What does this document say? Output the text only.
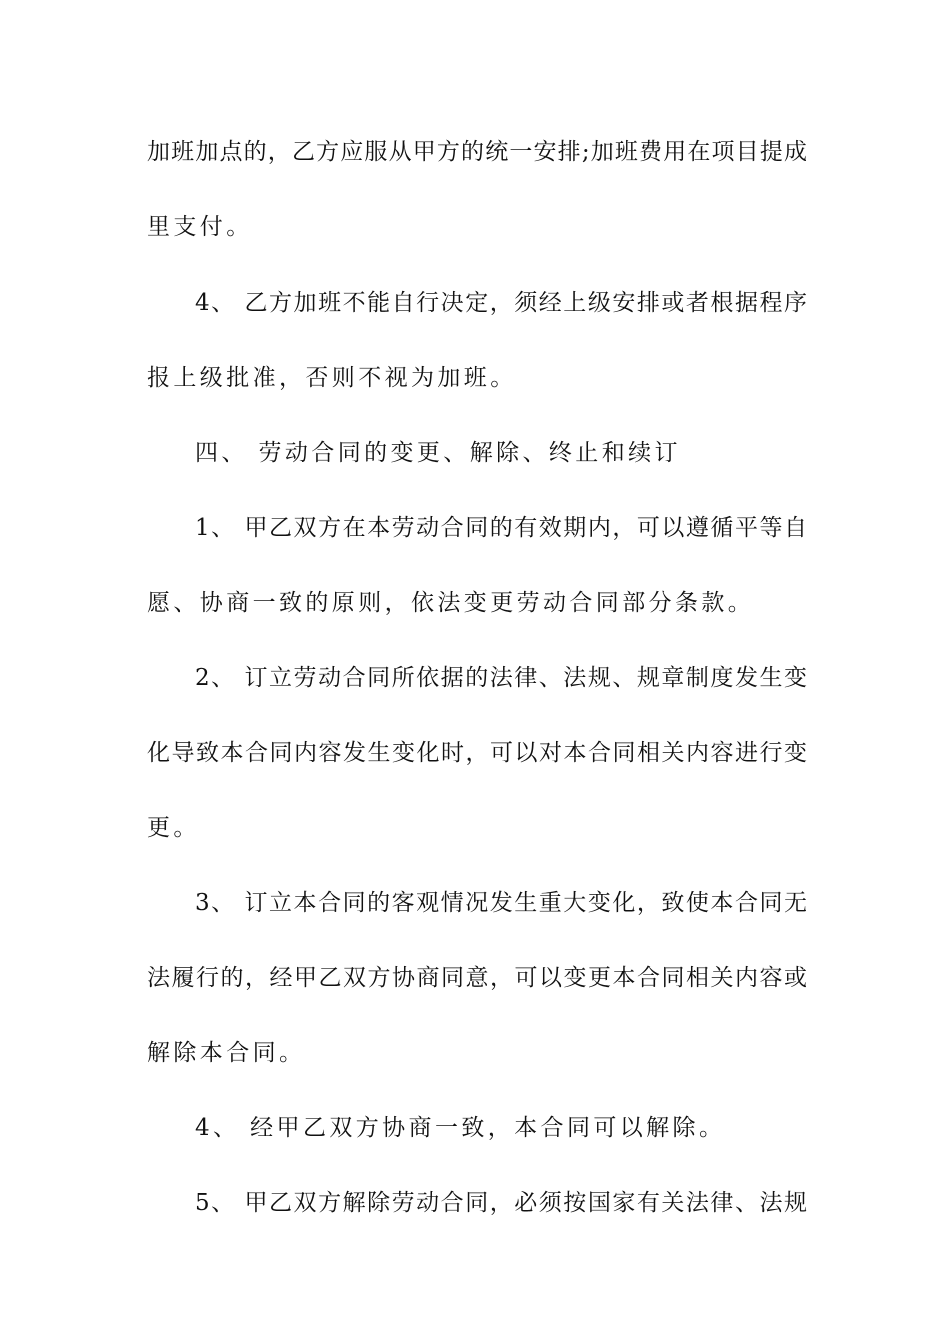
加班加点的，乙方应服从甲方的统一安排;加班费用在项目提成
里支付。
4、 乙方加班不能自行决定，须经上级安排或者根据程序
报上级批准，否则不视为加班。
四、 劳动合同的变更、解除、终止和续订
1、 甲乙双方在本劳动合同的有效期内，可以遵循平等自
愿、协商一致的原则，依法变更劳动合同部分条款。
2、 订立劳动合同所依据的法律、法规、规章制度发生变
化导致本合同内容发生变化时，可以对本合同相关内容进行变
更。
3、 订立本合同的客观情况发生重大变化，致使本合同无
法履行的，经甲乙双方协商同意，可以变更本合同相关内容或
解除本合同。
4、 经甲乙双方协商一致，本合同可以解除。
5、 甲乙双方解除劳动合同，必须按国家有关法律、法规
